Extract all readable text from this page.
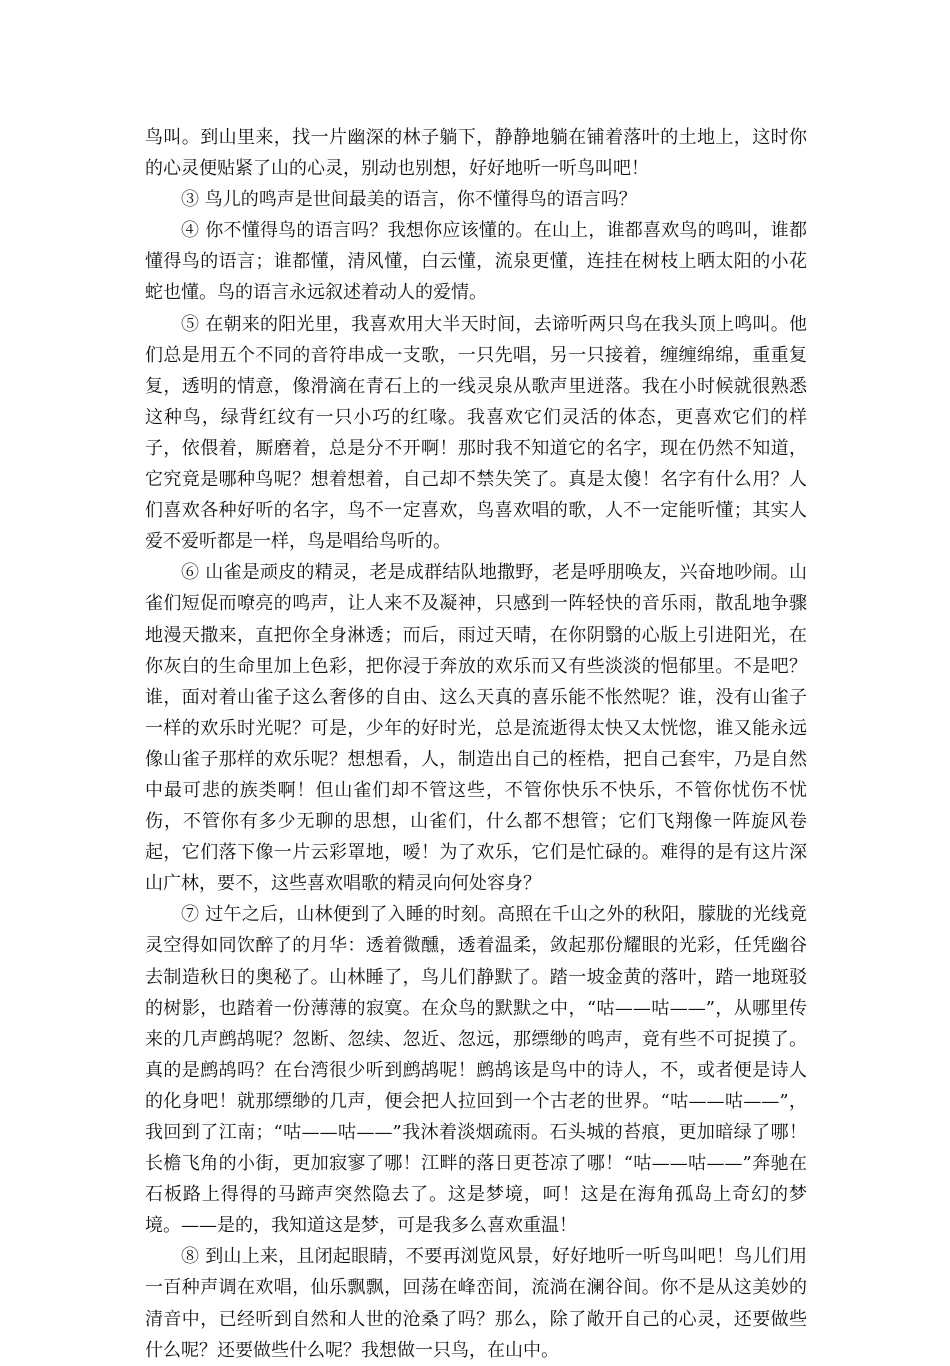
鸟叫。到山里来，找一片幽深的林子躺下，静静地躺在铺着落叶的土地上，这时你的心灵便贴紧了山的心灵，别动也别想，好好地听一听鸟叫吧！

③ 鸟儿的鸣声是世间最美的语言，你不懂得鸟的语言吗？

④ 你不懂得鸟的语言吗？我想你应该懂的。在山上，谁都喜欢鸟的鸣叫，谁都懂得鸟的语言；谁都懂，清风懂，白云懂，流泉更懂，连挂在树枝上晒太阳的小花蛇也懂。鸟的语言永远叙述着动人的爱情。

⑤ 在朝来的阳光里，我喜欢用大半天时间，去谛听两只鸟在我头顶上鸣叫。他们总是用五个不同的音符串成一支歌，一只先唱，另一只接着，缠缠绵绵，重重复复，透明的情意，像滑滴在青石上的一线灵泉从歌声里迸落。我在小时候就很熟悉这种鸟，绿背红纹有一只小巧的红喙。我喜欢它们灵活的体态，更喜欢它们的样子，依偎着，厮磨着，总是分不开啊！那时我不知道它的名字，现在仍然不知道，它究竟是哪种鸟呢？想着想着，自己却不禁失笑了。真是太傻！名字有什么用？人们喜欢各种好听的名字，鸟不一定喜欢，鸟喜欢唱的歌，人不一定能听懂；其实人爱不爱听都是一样，鸟是唱给鸟听的。

⑥ 山雀是顽皮的精灵，老是成群结队地撒野，老是呼朋唤友，兴奋地吵闹。山雀们短促而嘹亮的鸣声，让人来不及凝神，只感到一阵轻快的音乐雨，散乱地争骤地漫天撒来，直把你全身淋透；而后，雨过天晴，在你阴翳的心版上引进阳光，在你灰白的生命里加上色彩，把你浸于奔放的欢乐而又有些淡淡的悒郁里。不是吧？谁，面对着山雀子这么奢侈的自由、这么天真的喜乐能不怅然呢？谁，没有山雀子一样的欢乐时光呢？可是，少年的好时光，总是流逝得太快又太恍惚，谁又能永远像山雀子那样的欢乐呢？想想看，人，制造出自己的桎梏，把自己套牢，乃是自然中最可悲的族类啊！但山雀们却不管这些，不管你快乐不快乐，不管你忧伤不忧伤，不管你有多少无聊的思想，山雀们，什么都不想管；它们飞翔像一阵旋风卷起，它们落下像一片云彩罩地，嗳！为了欢乐，它们是忙碌的。难得的是有这片深山广林，要不，这些喜欢唱歌的精灵向何处容身？

⑦ 过午之后，山林便到了入睡的时刻。高照在千山之外的秋阳，朦胧的光线竟灵空得如同饮醉了的月华：透着微醺，透着温柔，敛起那份耀眼的光彩，任凭幽谷去制造秋日的奥秘了。山林睡了，鸟儿们静默了。踏一坡金黄的落叶，踏一地斑驳的树影，也踏着一份薄薄的寂寞。在众鸟的默默之中，“咕——咕——”，从哪里传来的几声鹧鸪呢？忽断、忽续、忽近、忽远，那缥缈的鸣声，竟有些不可捉摸了。真的是鹧鸪吗？在台湾很少听到鹧鸪呢！鹧鸪该是鸟中的诗人，不，或者便是诗人的化身吧！就那缥缈的几声，便会把人拉回到一个古老的世界。“咕——咕——”，我回到了江南；“咕——咕——”我沐着淡烟疏雨。石头城的苔痕，更加暗绿了哪！长檐飞角的小街，更加寂寥了哪！江畔的落日更苍凉了哪！“咕——咕——”奔驰在石板路上得得的马蹄声突然隐去了。这是梦境，呵！这是在海角孤岛上奇幻的梦境。——是的，我知道这是梦，可是我多么喜欢重温！

⑧ 到山上来，且闭起眼睛，不要再浏览风景，好好地听一听鸟叫吧！鸟儿们用一百种声调在欢唱，仙乐飘飘，回荡在峰峦间，流淌在澜谷间。你不是从这美妙的清音中，已经听到自然和人世的沧桑了吗？那么，除了敞开自己的心灵，还要做些什么呢？还要做些什么呢？我想做一只鸟，在山中。
